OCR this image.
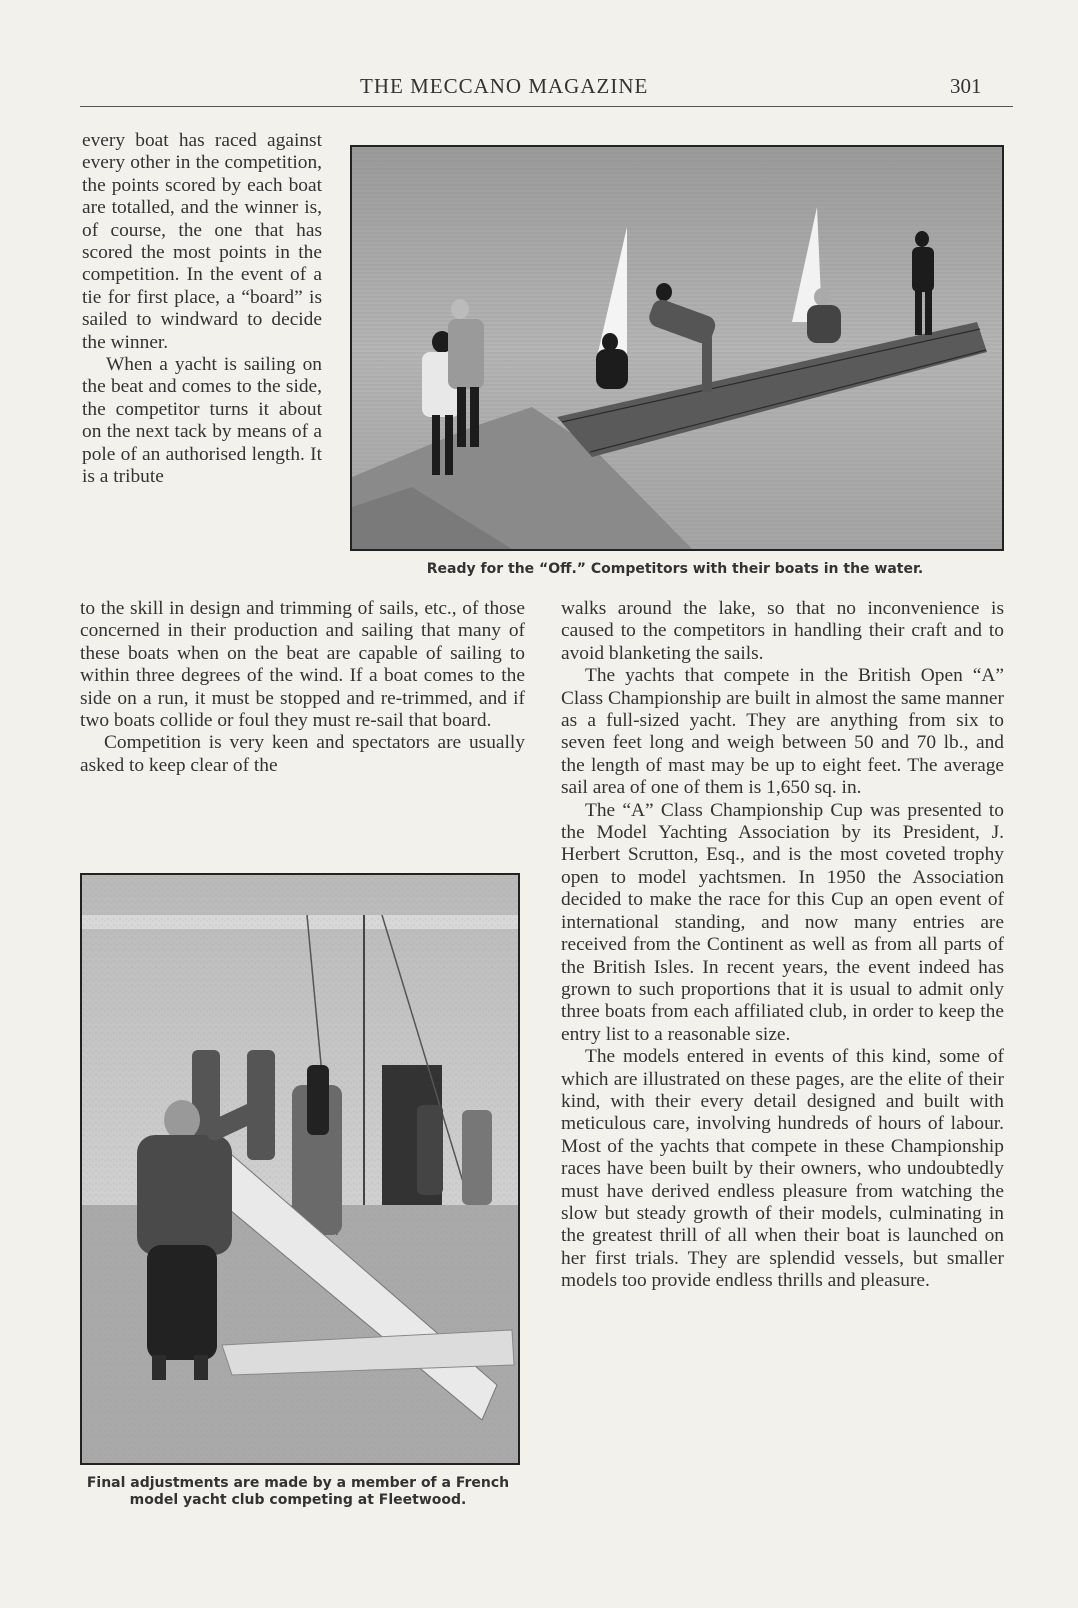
THE MECCANO MAGAZINE	301

every boat has raced against every other in the competition, the points scored by each boat are totalled, and the winner is, of course, the one that has scored the most points in the competition. In the event of a tie for first place, a “board” is sailed to windward to decide the winner.

When a yacht is sailing on the beat and comes to the side, the competitor turns it about on the next tack by means of a pole of an authorised length. It is a tribute

Ready for the “Off.” Competitors with their boats in the water.

to the skill in design and trimming of sails, etc., of those concerned in their production and sailing that many of these boats when on the beat are capable of sailing to within three degrees of the wind. If a boat comes to the side on a run, it must be stopped and re-trimmed, and if two boats collide or foul they must re-sail that board.

Competition is very keen and spectators are usually asked to keep clear of the

Final adjustments are made by a member of a French
model yacht club competing at Fleetwood.

walks around the lake, so that no inconvenience is caused to the competitors in handling their craft and to avoid blanketing the sails.

The yachts that compete in the British Open “A” Class Championship are built in almost the same manner as a full-sized yacht. They are anything from six to seven feet long and weigh between 50 and 70 lb., and the length of mast may be up to eight feet. The average sail area of one of them is 1,650 sq. in.

The “A” Class Championship Cup was presented to the Model Yachting Association by its President, J. Herbert Scrutton, Esq., and is the most coveted trophy open to model yachtsmen. In 1950 the Association decided to make the race for this Cup an open event of international standing, and now many entries are received from the Continent as well as from all parts of the British Isles. In recent years, the event indeed has grown to such proportions that it is usual to admit only three boats from each affiliated club, in order to keep the entry list to a reasonable size.

The models entered in events of this kind, some of which are illustrated on these pages, are the elite of their kind, with their every detail designed and built with meticulous care, involving hundreds of hours of labour. Most of the yachts that compete in these Championship races have been built by their owners, who undoubtedly must have derived endless pleasure from watching the slow but steady growth of their models, culminating in the greatest thrill of all when their boat is launched on her first trials. They are splendid vessels, but smaller models too provide endless thrills and pleasure.
